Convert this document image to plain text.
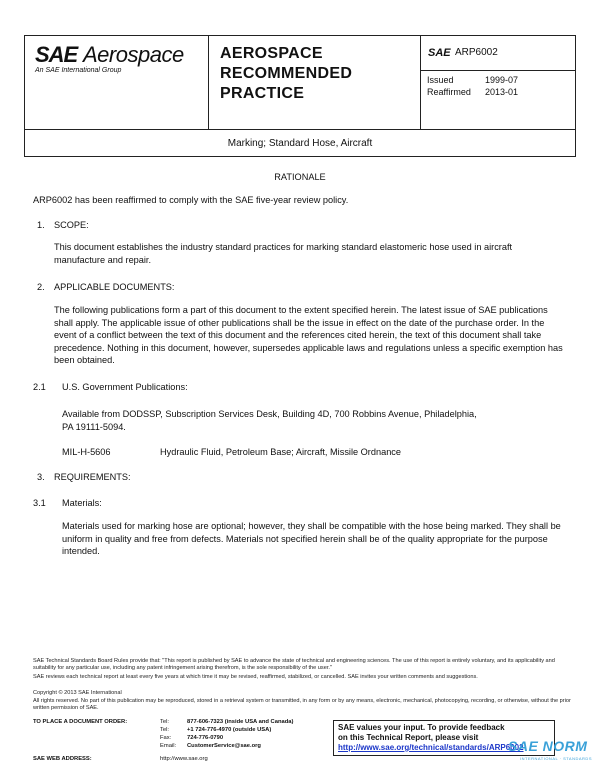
SAE Aerospace
An SAE International Group
AEROSPACE
RECOMMENDED
PRACTICE
SAE ARP6002
Issued	1999-07
Reaffirmed 2013-01
Marking; Standard Hose, Aircraft
RATIONALE
ARP6002 has been reaffirmed to comply with the SAE five-year review policy.
1. SCOPE:
This document establishes the industry standard practices for marking standard elastomeric hose used in aircraft manufacture and repair.
2. APPLICABLE DOCUMENTS:
The following publications form a part of this document to the extent specified herein. The latest issue of SAE publications shall apply. The applicable issue of other publications shall be the issue in effect on the date of the purchase order. In the event of a conflict between the text of this document and the references cited herein, the text of this document shall take precedence. Nothing in this document, however, supersedes applicable laws and regulations unless a specific exemption has been obtained.
2.1 U.S. Government Publications:
Available from DODSSP, Subscription Services Desk, Building 4D, 700 Robbins Avenue, Philadelphia, PA 19111-5094.
MIL-H-5606	Hydraulic Fluid, Petroleum Base; Aircraft, Missile Ordnance
3. REQUIREMENTS:
3.1 Materials:
Materials used for marking hose are optional; however, they shall be compatible with the hose being marked. They shall be uniform in quality and free from defects. Materials not specified herein shall be of the quality appropriate for the purpose intended.
SAE Technical Standards Board Rules provide that: "This report is published by SAE to advance the state of technical and engineering sciences. The use of this report is entirely voluntary, and its applicability and suitability for any particular use, including any patent infringement arising therefrom, is the sole responsibility of the user."
SAE reviews each technical report at least every five years at which time it may be revised, reaffirmed, stabilized, or cancelled. SAE invites your written comments and suggestions.
Copyright © 2013 SAE International
All rights reserved. No part of this publication may be reproduced, stored in a retrieval system or transmitted, in any form or by any means, electronic, mechanical, photocopying, recording, or otherwise, without the prior written permission of SAE.
TO PLACE A DOCUMENT ORDER:	Tel:	877-606-7323 (inside USA and Canada)
Tel:	+1 724-776-4970 (outside USA)
Fax:	724-776-0790
Email: CustomerService@sae.org
SAE WEB ADDRESS:	http://www.sae.org
SAE values your input. To provide feedback
on this Technical Report, please visit
http://www.sae.org/technical/standards/ARP6002
SAE NORM
INTERNATIONAL · STANDARDS
